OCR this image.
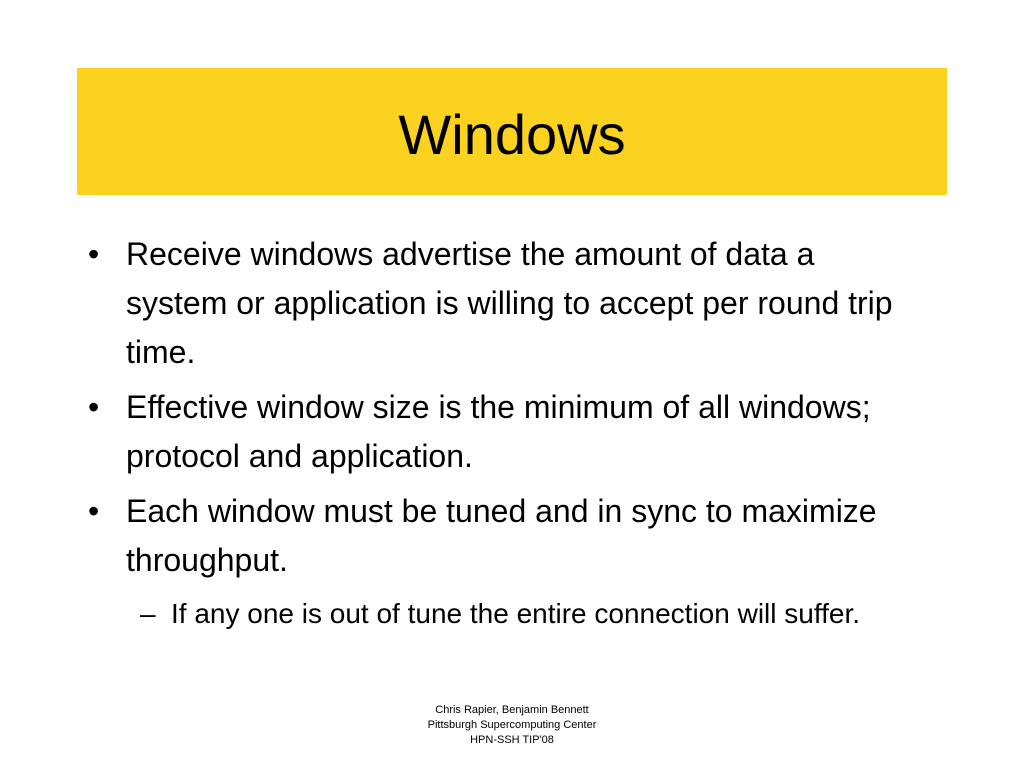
Windows
• Receive windows advertise the amount of data a system or application is willing to accept per round trip time.
• Effective window size is the minimum of all windows; protocol and application.
• Each window must be tuned and in sync to maximize throughput.
– If any one is out of tune the entire connection will suffer.
Chris Rapier, Benjamin Bennett
Pittsburgh Supercomputing Center
HPN-SSH TIP'08
